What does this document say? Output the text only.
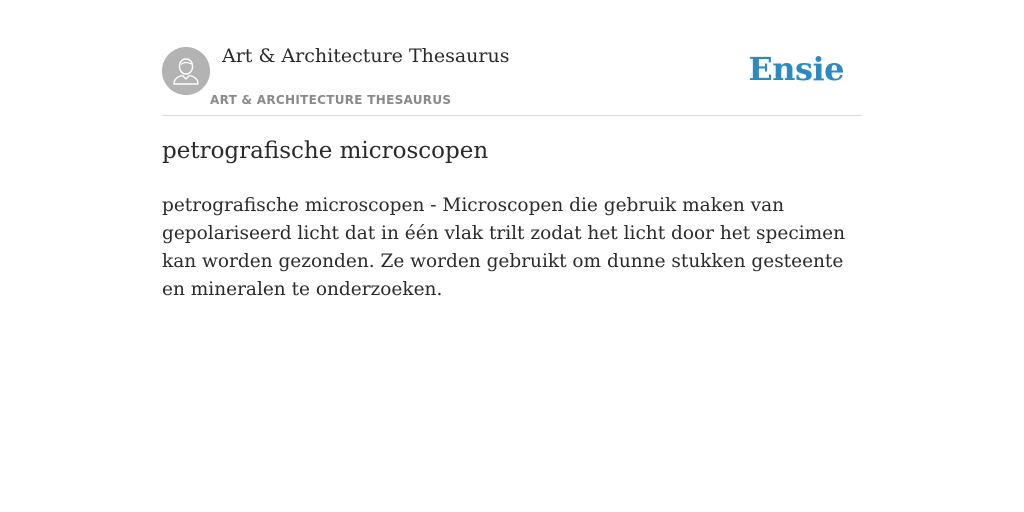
Art & Architecture Thesaurus
ART & ARCHITECTURE THESAURUS
Ensie
petrografische microscopen

petrografische microscopen - Microscopen die gebruik maken van gepolariseerd licht dat in één vlak trilt zodat het licht door het specimen kan worden gezonden. Ze worden gebruikt om dunne stukken gesteente en mineralen te onderzoeken.
